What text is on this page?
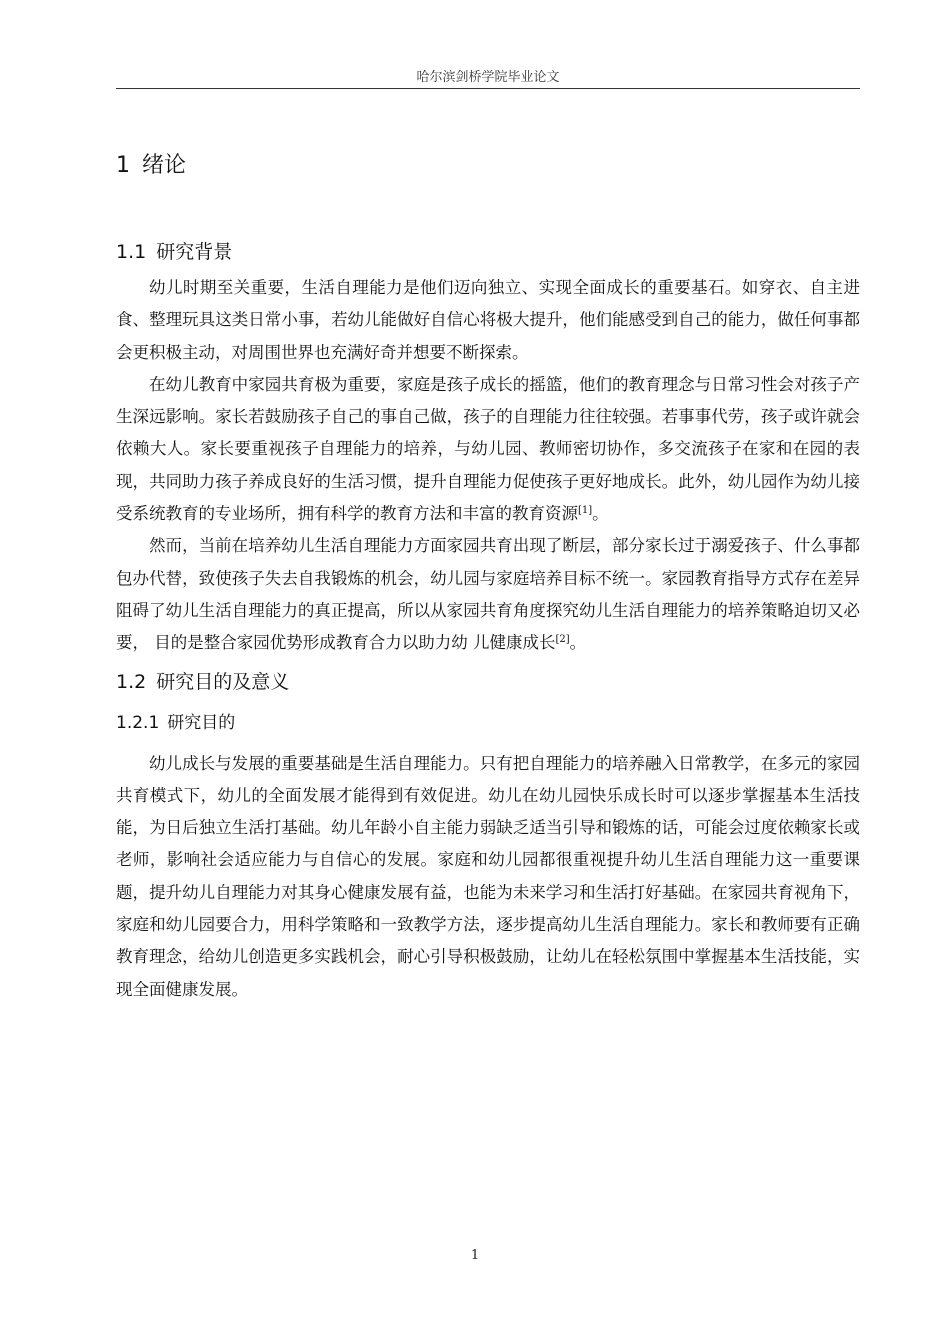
哈尔滨剑桥学院毕业论文
1 绪论
1.1 研究背景

幼儿时期至关重要，生活自理能力是他们迈向独立、实现全面成长的重要基石。如穿衣、自主进食、整理玩具这类日常小事，若幼儿能做好自信心将极大提升，他们能感受到自己的能力，做任何事都会更积极主动，对周围世界也充满好奇并想要不断探索。

在幼儿教育中家园共育极为重要，家庭是孩子成长的摇篮，他们的教育理念与日常习性会对孩子产生深远影响。家长若鼓励孩子自己的事自己做，孩子的自理能力往往较强。若事事代劳，孩子或许就会依赖大人。家长要重视孩子自理能力的培养，与幼儿园、教师密切协作，多交流孩子在家和在园的表现，共同助力孩子养成良好的生活习惯，提升自理能力促使孩子更好地成长。此外，幼儿园作为幼儿接受系统教育的专业场所，拥有科学的教育方法和丰富的教育资源[1]。

然而，当前在培养幼儿生活自理能力方面家园共育出现了断层，部分家长过于溺爱孩子、什么事都包办代替，致使孩子失去自我锻炼的机会，幼儿园与家庭培养目标不统一。家园教育指导方式存在差异阻碍了幼儿生活自理能力的真正提高，所以从家园共育角度探究幼儿生活自理能力的培养策略迫切又必要， 目的是整合家园优势形成教育合力以助力幼 儿健康成长[2]。

1.2 研究目的及意义
1.2.1 研究目的

幼儿成长与发展的重要基础是生活自理能力。只有把自理能力的培养融入日常教学，在多元的家园共育模式下，幼儿的全面发展才能得到有效促进。幼儿在幼儿园快乐成长时可以逐步掌握基本生活技能，为日后独立生活打基础。幼儿年龄小自主能力弱缺乏适当引导和锻炼的话，可能会过度依赖家长或老师，影响社会适应能力与自信心的发展。家庭和幼儿园都很重视提升幼儿生活自理能力这一重要课题，提升幼儿自理能力对其身心健康发展有益，也能为未来学习和生活打好基础。在家园共育视角下，家庭和幼儿园要合力，用科学策略和一致教学方法，逐步提高幼儿生活自理能力。家长和教师要有正确教育理念，给幼儿创造更多实践机会，耐心引导积极鼓励，让幼儿在轻松氛围中掌握基本生活技能，实现全面健康发展。

1
